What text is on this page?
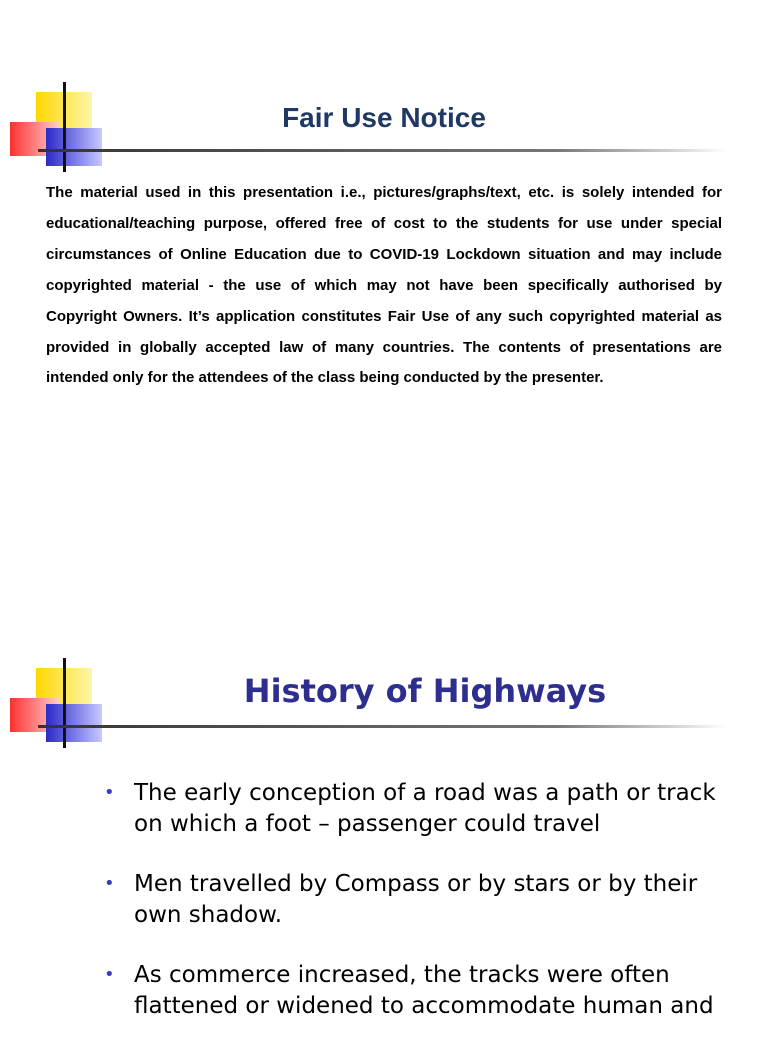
Fair Use Notice
The material used in this presentation i.e., pictures/graphs/text, etc. is solely intended for educational/teaching purpose, offered free of cost to the students for use under special circumstances of Online Education due to COVID-19 Lockdown situation and may include copyrighted material - the use of which may not have been specifically authorised by Copyright Owners. It’s application constitutes Fair Use of any such copyrighted material as provided in globally accepted law of many countries. The contents of presentations are intended only for the attendees of the class being conducted by the presenter.
History of Highways
• The early conception of a road was a path or track on which a foot – passenger could travel
• Men travelled by Compass or by stars or by their own shadow.
• As commerce increased, the tracks were often flattened or widened to accommodate human and
